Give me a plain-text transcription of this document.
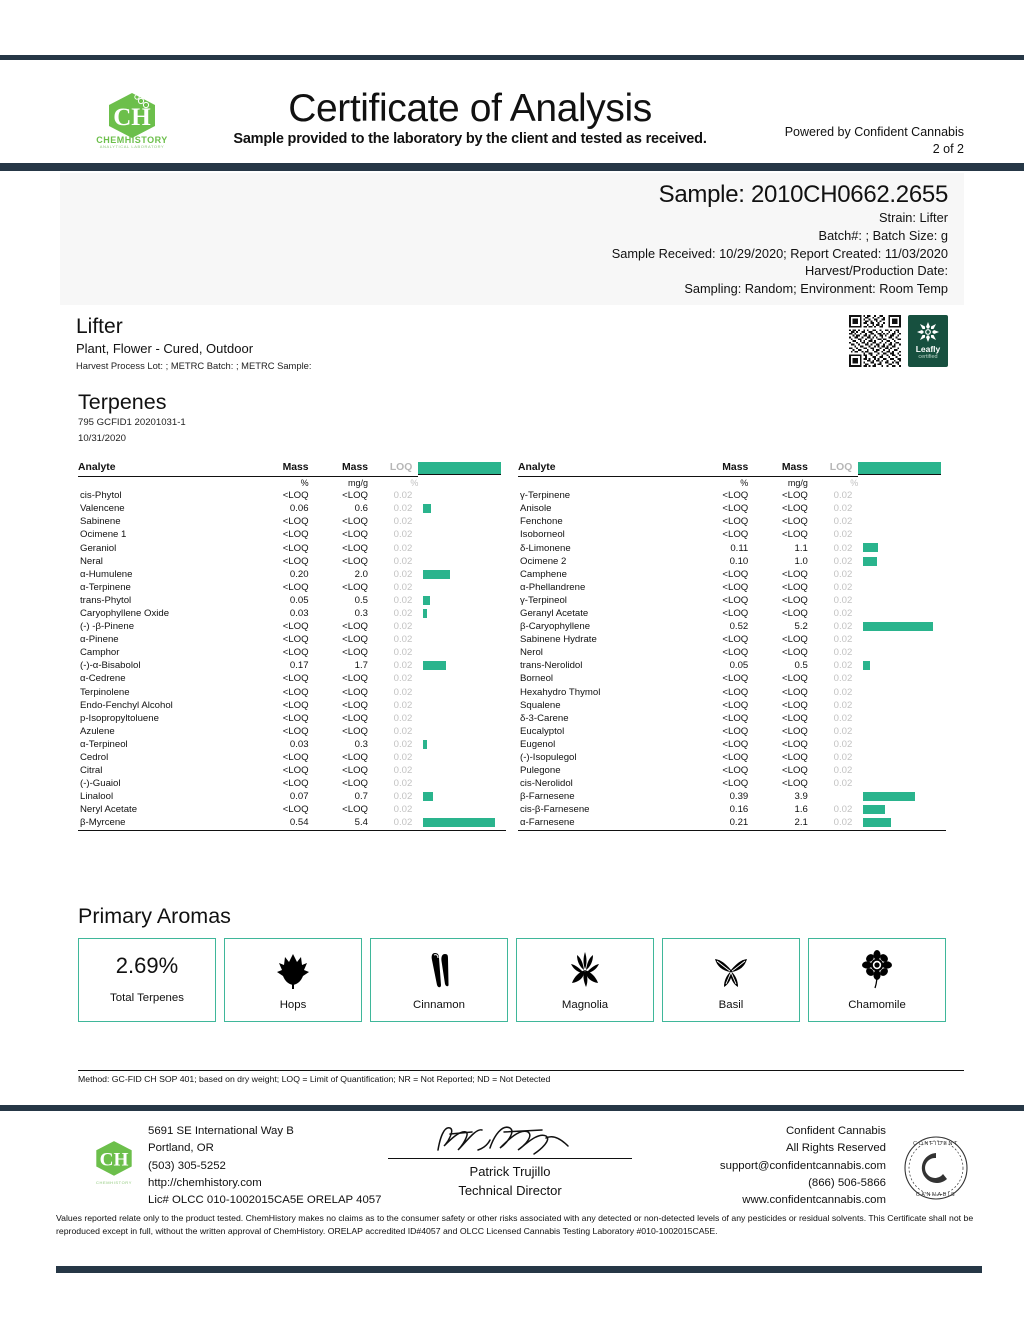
CH
CHEMHISTORY
ANALYTICAL LABORATORY
Certificate of Analysis
Sample provided to the laboratory by the client and tested as received.	Powered by Confident Cannabis
2 of 2
Sample: 2010CH0662.2655
Strain: Lifter
Batch#: ; Batch Size: g
Sample Received: 10/29/2020; Report Created: 11/03/2020
Harvest/Production Date:
Sampling: Random; Environment: Room Temp
Lifter
Plant, Flower - Cured, Outdoor
Harvest Process Lot: ; METRC Batch: ; METRC Sample:
Leafly
certified
Terpenes
795 GCFID1 20201031-1
10/31/2020
Analyte	Mass	Mass	LOQ	
	%	mg/g	%	
cis-Phytol	<LOQ	<LOQ	0.02	
Valencene	0.06	0.6	0.02	
Sabinene	<LOQ	<LOQ	0.02	
Ocimene 1	<LOQ	<LOQ	0.02	
Geraniol	<LOQ	<LOQ	0.02	
Neral	<LOQ	<LOQ	0.02	
α-Humulene	0.20	2.0	0.02	
α-Terpinene	<LOQ	<LOQ	0.02	
trans-Phytol	0.05	0.5	0.02	
Caryophyllene Oxide	0.03	0.3	0.02	
(-) -β-Pinene	<LOQ	<LOQ	0.02	
α-Pinene	<LOQ	<LOQ	0.02	
Camphor	<LOQ	<LOQ	0.02	
(-)-α-Bisabolol	0.17	1.7	0.02	
α-Cedrene	<LOQ	<LOQ	0.02	
Terpinolene	<LOQ	<LOQ	0.02	
Endo-Fenchyl Alcohol	<LOQ	<LOQ	0.02	
p-Isopropyltoluene	<LOQ	<LOQ	0.02	
Azulene	<LOQ	<LOQ	0.02	
α-Terpineol	0.03	0.3	0.02	
Cedrol	<LOQ	<LOQ	0.02	
Citral	<LOQ	<LOQ	0.02	
(-)-Guaiol	<LOQ	<LOQ	0.02	
Linalool	0.07	0.7	0.02	
Neryl Acetate	<LOQ	<LOQ	0.02	
β-Myrcene	0.54	5.4	0.02	
Analyte	Mass	Mass	LOQ	
	%	mg/g	%	
γ-Terpinene	<LOQ	<LOQ	0.02	
Anisole	<LOQ	<LOQ	0.02	
Fenchone	<LOQ	<LOQ	0.02	
Isoborneol	<LOQ	<LOQ	0.02	
δ-Limonene	0.11	1.1	0.02	
Ocimene 2	0.10	1.0	0.02	
Camphene	<LOQ	<LOQ	0.02	
α-Phellandrene	<LOQ	<LOQ	0.02	
γ-Terpineol	<LOQ	<LOQ	0.02	
Geranyl Acetate	<LOQ	<LOQ	0.02	
β-Caryophyllene	0.52	5.2	0.02	
Sabinene Hydrate	<LOQ	<LOQ	0.02	
Nerol	<LOQ	<LOQ	0.02	
trans-Nerolidol	0.05	0.5	0.02	
Borneol	<LOQ	<LOQ	0.02	
Hexahydro Thymol	<LOQ	<LOQ	0.02	
Squalene	<LOQ	<LOQ	0.02	
δ-3-Carene	<LOQ	<LOQ	0.02	
Eucalyptol	<LOQ	<LOQ	0.02	
Eugenol	<LOQ	<LOQ	0.02	
(-)-Isopulegol	<LOQ	<LOQ	0.02	
Pulegone	<LOQ	<LOQ	0.02	
cis-Nerolidol	<LOQ	<LOQ	0.02	
β-Farnesene	0.39	3.9		
cis-β-Farnesene	0.16	1.6	0.02	
α-Farnesene	0.21	2.1	0.02	
Primary Aromas
2.69%
Total Terpenes
Hops	Cinnamon	Magnolia	Basil	Chamomile
Method: GC-FID CH SOP 401; based on dry weight; LOQ = Limit of Quantification; NR = Not Reported; ND = Not Detected
CH
CHEMHISTORY
5691 SE International Way B
Portland, OR
(503) 305-5252
http://chemhistory.com
Lic# OLCC 010-1002015CA5E ORELAP 4057
Patrick Trujillo
Technical Director
Confident Cannabis
All Rights Reserved
support@confidentcannabis.com
(866) 506-5866
www.confidentcannabis.com
CONFIDENT
CANNABIS
Values reported relate only to the product tested. ChemHistory makes no claims as to the consumer safety or other risks associated with any detected or non-detected levels of any pesticides or residual solvents. This Certificate shall not be reproduced except in full, without the written approval of ChemHistory. ORELAP accredited ID#4057 and OLCC Licensed Cannabis Testing Laboratory #010-1002015CA5E.
